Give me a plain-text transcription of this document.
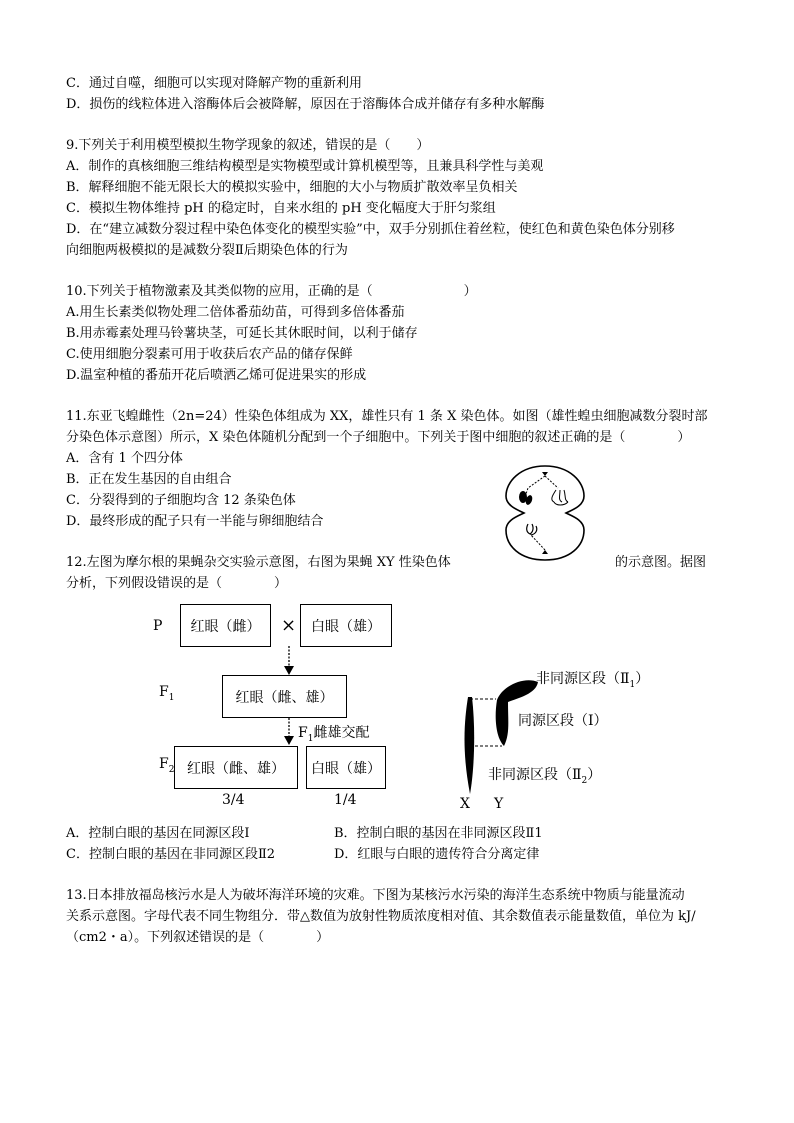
C．通过自噬，细胞可以实现对降解产物的重新利用
D．损伤的线粒体进入溶酶体后会被降解，原因在于溶酶体合成并储存有多种水解酶
9.下列关于利用模型模拟生物学现象的叙述，错误的是（　　）
A．制作的真核细胞三维结构模型是实物模型或计算机模型等，且兼具科学性与美观
B．解释细胞不能无限长大的模拟实验中，细胞的大小与物质扩散效率呈负相关
C．模拟生物体维持 pH 的稳定时，自来水组的 pH 变化幅度大于肝匀浆组
D．在“建立减数分裂过程中染色体变化的模型实验”中，双手分别抓住着丝粒，使红色和黄色染色体分别移
向细胞两极模拟的是减数分裂Ⅱ后期染色体的行为
10.下列关于植物激素及其类似物的应用，正确的是（　　　　　　　）
A.用生长素类似物处理二倍体番茄幼苗，可得到多倍体番茄
B.用赤霉素处理马铃薯块茎，可延长其休眠时间，以利于储存
C.使用细胞分裂素可用于收获后农产品的储存保鲜
D.温室种植的番茄开花后喷洒乙烯可促进果实的形成
11.东亚飞蝗雌性（2n=24）性染色体组成为 XX，雄性只有 1 条 X 染色体。如图（雄性蝗虫细胞减数分裂时部
分染色体示意图）所示，X 染色体随机分配到一个子细胞中。下列关于图中细胞的叙述正确的是（　　　　）
A．含有 1 个四分体
B．正在发生基因的自由组合
C．分裂得到的子细胞均含 12 条染色体
D．最终形成的配子只有一半能与卵细胞结合
12.左图为摩尔根的果蝇杂交实验示意图，右图为果蝇 XY 性染色体	的示意图。据图
分析，下列假设错误的是（　　　　）
P 红眼（雌） × 白眼（雄）
$F_1$	红眼（雌、雄）
$F_1$雌雄交配
$F_2$ 红眼（雌、雄） 白眼（雄）
3/4	1/4
非同源区段$(Ⅱ_1)$
同源区段（Ⅰ）
非同源区段$(Ⅱ_2)$
X Y
A．控制白眼的基因在同源区段Ⅰ	B．控制白眼的基因在非同源区段Ⅱ1
C．控制白眼的基因在非同源区段Ⅱ2	D．红眼与白眼的遗传符合分离定律
13.日本排放福岛核污水是人为破坏海洋环境的灾难。下图为某核污水污染的海洋生态系统中物质与能量流动
关系示意图。字母代表不同生物组分．带△数值为放射性物质浓度相对值、其余数值表示能量数值，单位为 kJ/
（cm2・a）。下列叙述错误的是（　　　　）
